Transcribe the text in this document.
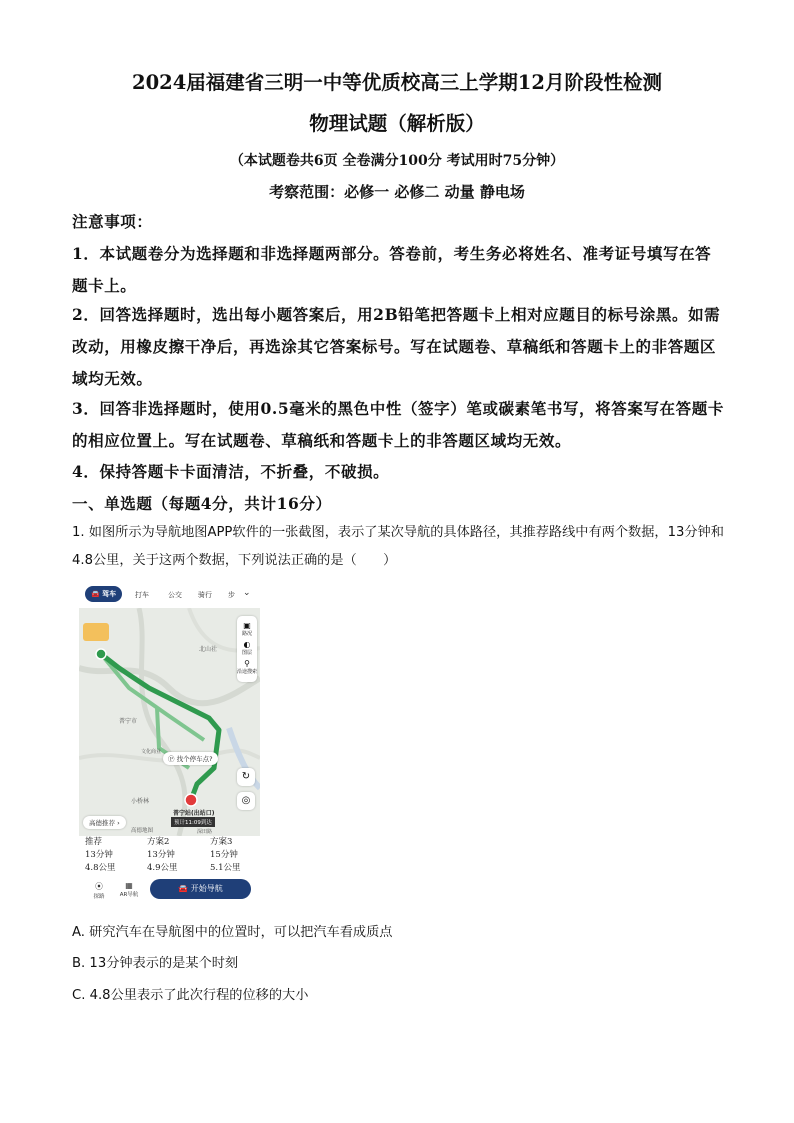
2024届福建省三明一中等优质校高三上学期12月阶段性检测
物理试题（解析版）
（本试题卷共6页 全卷满分100分 考试用时75分钟）
考察范围：必修一 必修二 动量 静电场
注意事项：
1．本试题卷分为选择题和非选择题两部分。答卷前，考生务必将姓名、准考证号填写在答题卡上。
2．回答选择题时，选出每小题答案后，用2B铅笔把答题卡上相对应题目的标号涂黑。如需改动，用橡皮擦干净后，再选涂其它答案标号。写在试题卷、草稿纸和答题卡上的非答题区域均无效。
3．回答非选择题时，使用0.5毫米的黑色中性（签字）笔或碳素笔书写，将答案写在答题卡的相应位置上。写在试题卷、草稿纸和答题卡上的非答题区域均无效。
4．保持答题卡卡面清洁，不折叠，不破损。
一、单选题（每题4分，共计16分）
1. 如图所示为导航地图APP软件的一张截图，表示了某次导航的具体路径，其推荐路线中有两个数据，13分钟和4.8公里，关于这两个数据，下列说法正确的是（　　）
🚘 驾车	打车	公交 骑行 步 ⌄
北山社
普宁市
文化商业
小桥林
Ⓟ 找个停车点?
普宁站(出站口)
预计11:09到达
高德推荐 ›
高德地图	深田路
▣
路况
◐
图层
⚲
沿途搜索
↻
◎
推荐
13分钟
4.8公里
方案2
13分钟
4.9公里
方案3
15分钟
5.1公里
⦿
探路
▦
AR导航
🚘 开始导航
A. 研究汽车在导航图中的位置时，可以把汽车看成质点
B. 13分钟表示的是某个时刻
C. 4.8公里表示了此次行程的位移的大小
